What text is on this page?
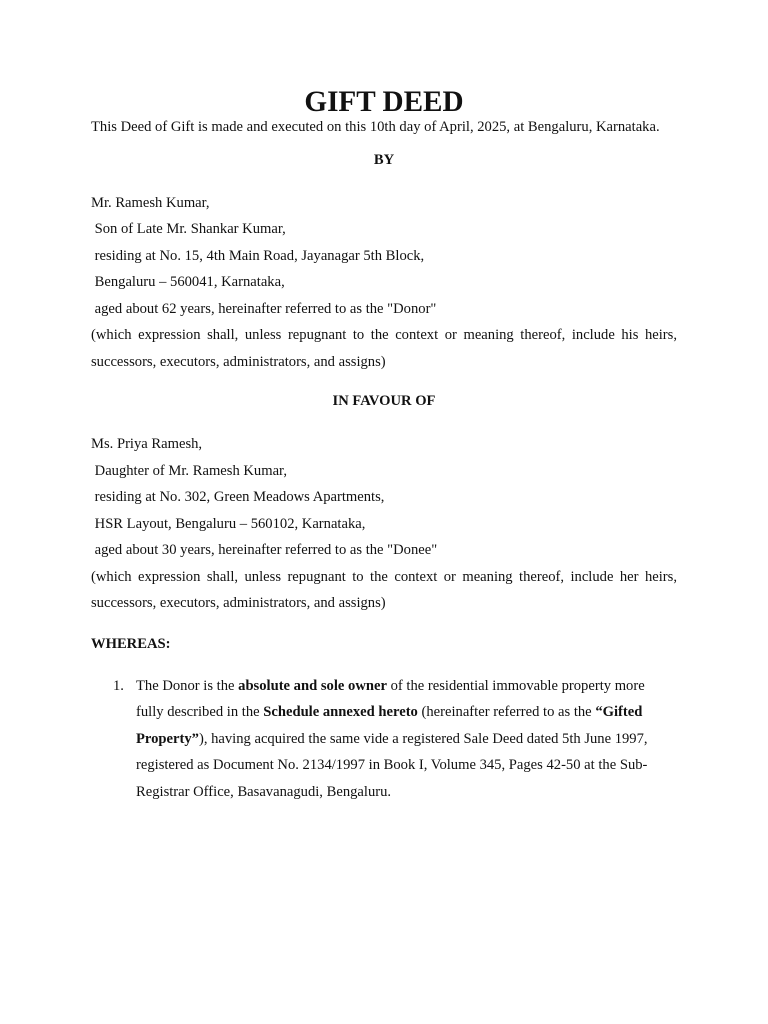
GIFT DEED

This Deed of Gift is made and executed on this 10th day of April, 2025, at Bengaluru, Karnataka.

BY

Mr. Ramesh Kumar,
Son of Late Mr. Shankar Kumar,
residing at No. 15, 4th Main Road, Jayanagar 5th Block,
Bengaluru – 560041, Karnataka,
aged about 62 years, hereinafter referred to as the "Donor"
(which expression shall, unless repugnant to the context or meaning thereof, include his heirs, successors, executors, administrators, and assigns)

IN FAVOUR OF

Ms. Priya Ramesh,
Daughter of Mr. Ramesh Kumar,
residing at No. 302, Green Meadows Apartments,
HSR Layout, Bengaluru – 560102, Karnataka,
aged about 30 years, hereinafter referred to as the "Donee"
(which expression shall, unless repugnant to the context or meaning thereof, include her heirs, successors, executors, administrators, and assigns)

WHEREAS:

1. The Donor is the absolute and sole owner of the residential immovable property more fully described in the Schedule annexed hereto (hereinafter referred to as the “Gifted Property”), having acquired the same vide a registered Sale Deed dated 5th June 1997, registered as Document No. 2134/1997 in Book I, Volume 345, Pages 42-50 at the Sub-Registrar Office, Basavanagudi, Bengaluru.
